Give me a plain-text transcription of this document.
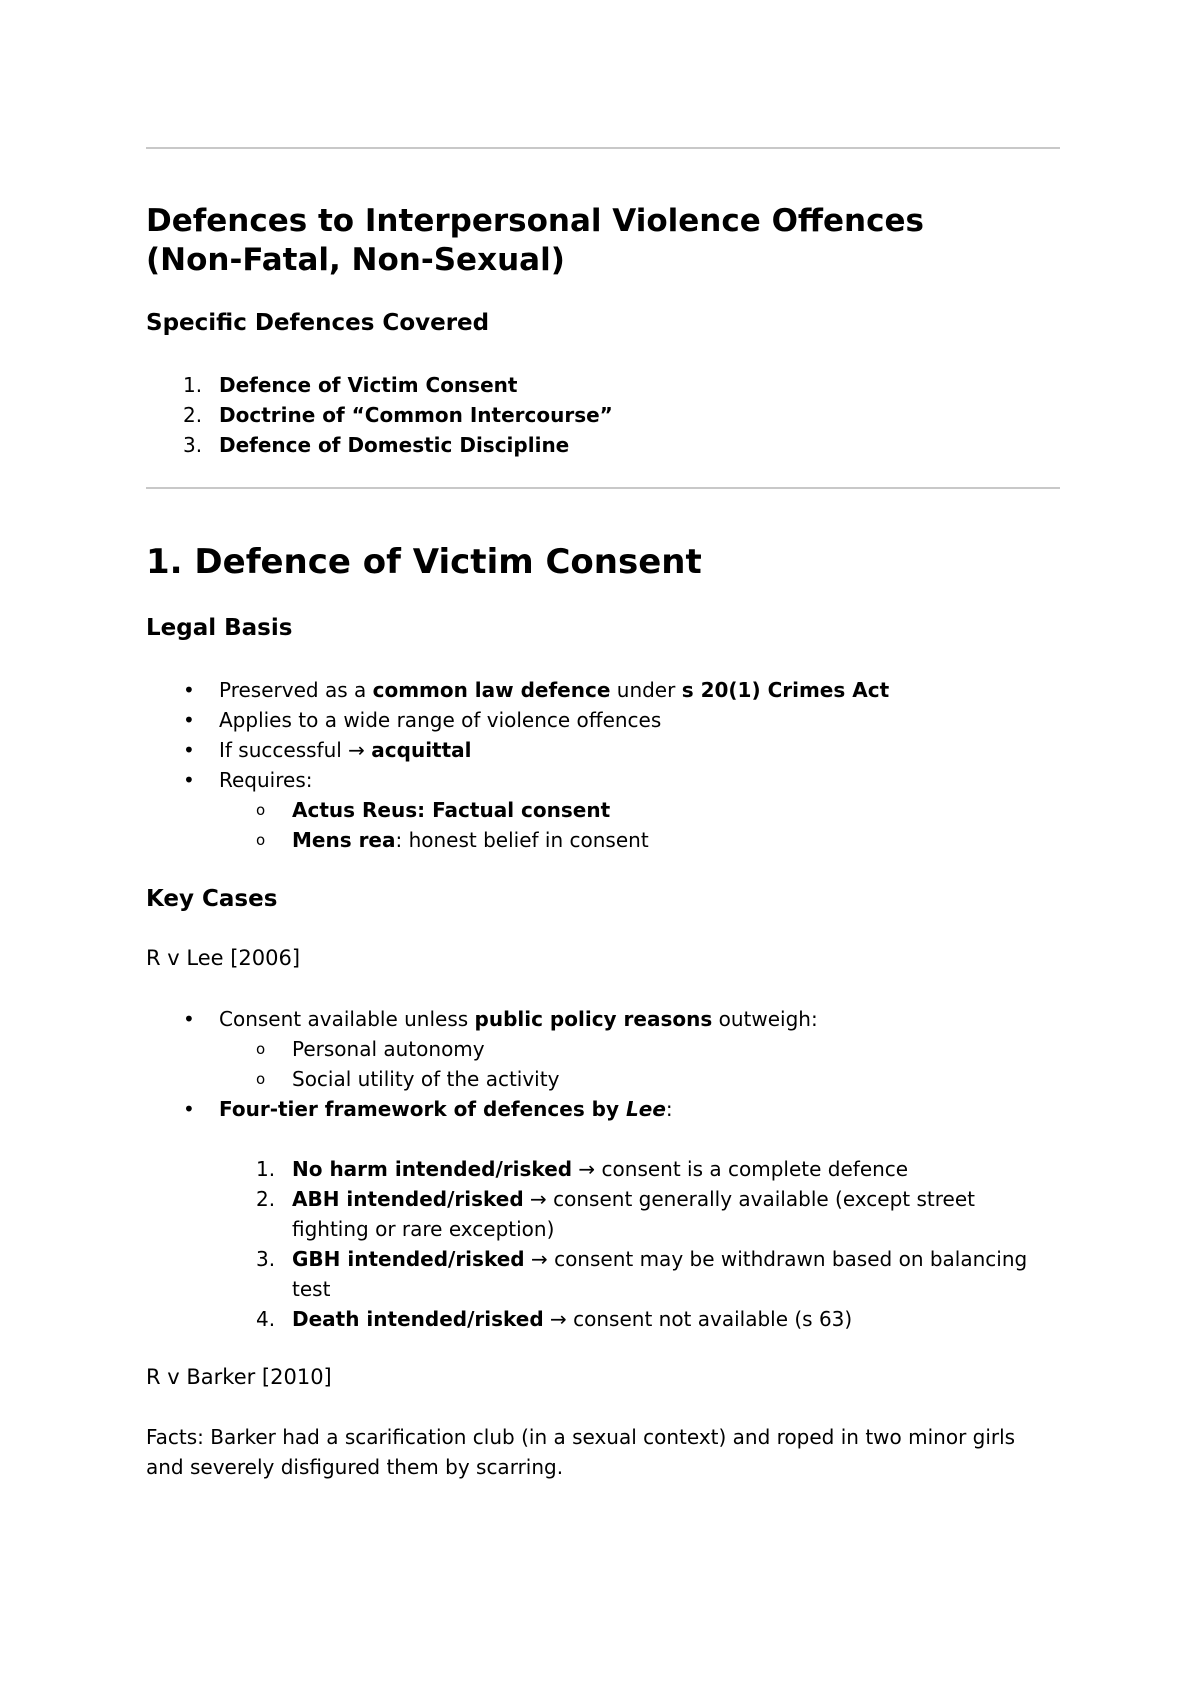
Defences to Interpersonal Violence Offences
(Non-Fatal, Non-Sexual)
Specific Defences Covered
1. Defence of Victim Consent
2. Doctrine of “Common Intercourse”
3. Defence of Domestic Discipline
1. Defence of Victim Consent
Legal Basis
• Preserved as a common law defence under s 20(1) Crimes Act
• Applies to a wide range of violence offences
• If successful → acquittal
• Requires:
o Actus Reus: Factual consent
o Mens rea: honest belief in consent
Key Cases
R v Lee [2006]
• Consent available unless public policy reasons outweigh:
o Personal autonomy
o Social utility of the activity
• Four-tier framework of defences by Lee:
1. No harm intended/risked → consent is a complete defence
2. ABH intended/risked → consent generally available (except street fighting or rare exception)
3. GBH intended/risked → consent may be withdrawn based on balancing test
4. Death intended/risked → consent not available (s 63)
R v Barker [2010]

Facts: Barker had a scarification club (in a sexual context) and roped in two minor girls and severely disfigured them by scarring.
